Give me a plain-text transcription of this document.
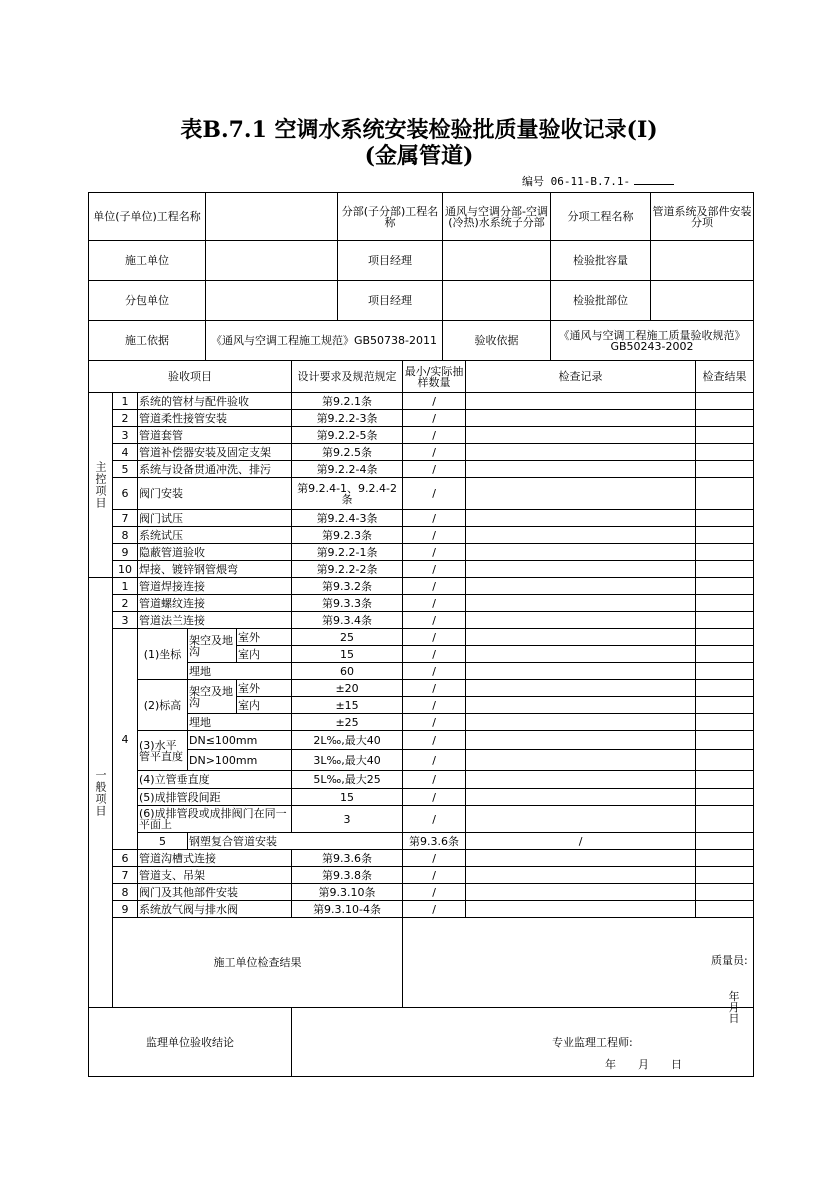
表B.7.1 空调水系统安装检验批质量验收记录(Ⅰ)
(金属管道)
编号 06-11-B.7.1-
单位(子单位)工程名称		分部(子分部)工程名称	通风与空调分部-空调(冷热)水系统子分部	分项工程名称	管道系统及部件安装分项
施工单位		项目经理		检验批容量	
分包单位		项目经理		检验批部位	
施工依据	《通风与空调工程施工规范》GB50738-2011		验收依据	《通风与空调工程施工质量验收规范》GB50243-2002	
验收项目					设计要求及规范规定	最小/实际抽样数量	检查记录	检查结果	
主控项目	1	系统的管材与配件验收			第9.2.1条	/			
	2	管道柔性接管安装			第9.2.2-3条	/			
	3	管道套管			第9.2.2-5条	/			
	4	管道补偿器安装及固定支架			第9.2.5条	/			
	5	系统与设备贯通冲洗、排污			第9.2.2-4条	/			
	6	阀门安装			第9.2.4-1、9.2.4-2条	/			
	7	阀门试压			第9.2.4-3条	/			
	8	系统试压			第9.2.3条	/			
	9	隐蔽管道验收			第9.2.2-1条	/			
	10	焊接、镀锌钢管煨弯			第9.2.2-2条	/			
一般项目	1	管道焊接连接			第9.3.2条	/			
	2	管道螺纹连接			第9.3.3条	/			
	3	管道法兰连接			第9.3.4条	/			
	4	(1)坐标	架空及地沟	室外	25	/			
				室内	15	/			
			埋地		60	/			
		(2)标高	架空及地沟	室外	±20	/			
				室内	±15	/			
			埋地		±25	/			
		(3)水平管平直度	DN≤100mm		2L‰,最大40	/			
			DN>100mm		3L‰,最大40	/			
		(4)立管垂直度			5L‰,最大25	/			
		(5)成排管段间距			15	/			
		(6)成排管段或成排阀门在同一平面上			3	/			
		5	钢塑复合管道安装			第9.3.6条	/		
	6	管道沟槽式连接			第9.3.6条	/			
	7	管道支、吊架			第9.3.8条	/			
	8	阀门及其他部件安装			第9.3.10条	/			
	9	系统放气阀与排水阀			第9.3.10-4条	/			
	施工单位检查结果					质量员:
年　　月　　日			

监理单位验收结论					专业监理工程师:
年　　月　　日				
